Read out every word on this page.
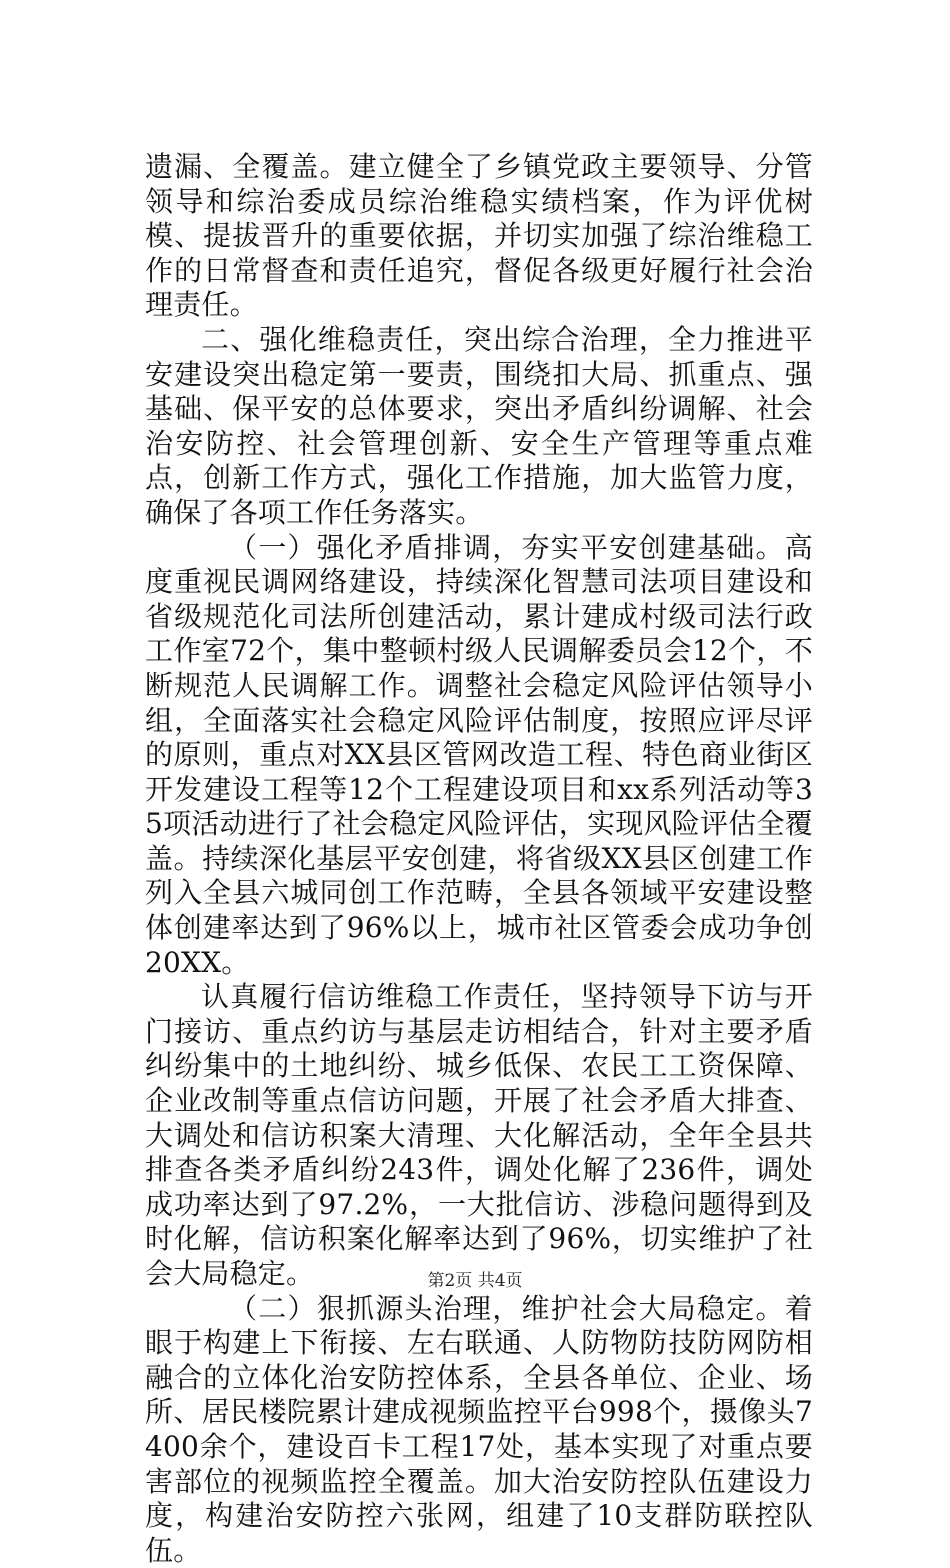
遗漏、全覆盖。建立健全了乡镇党政主要领导、分管领导和综治委成员综治维稳实绩档案，作为评优树模、提拔晋升的重要依据，并切实加强了综治维稳工作的日常督查和责任追究，督促各级更好履行社会治理责任。

二、强化维稳责任，突出综合治理，全力推进平安建设突出稳定第一要责，围绕扣大局、抓重点、强基础、保平安的总体要求，突出矛盾纠纷调解、社会治安防控、社会管理创新、安全生产管理等重点难点，创新工作方式，强化工作措施，加大监管力度，确保了各项工作任务落实。

（一）强化矛盾排调，夯实平安创建基础。高度重视民调网络建设，持续深化智慧司法项目建设和省级规范化司法所创建活动，累计建成村级司法行政工作室72个，集中整顿村级人民调解委员会12个，不断规范人民调解工作。调整社会稳定风险评估领导小组，全面落实社会稳定风险评估制度，按照应评尽评的原则，重点对XX县区管网改造工程、特色商业街区开发建设工程等12个工程建设项目和xx系列活动等35项活动进行了社会稳定风险评估，实现风险评估全覆盖。持续深化基层平安创建，将省级XX县区创建工作列入全县六城同创工作范畴，全县各领域平安建设整体创建率达到了96%以上，城市社区管委会成功争创20XX。

认真履行信访维稳工作责任，坚持领导下访与开门接访、重点约访与基层走访相结合，针对主要矛盾纠纷集中的土地纠纷、城乡低保、农民工工资保障、企业改制等重点信访问题，开展了社会矛盾大排查、大调处和信访积案大清理、大化解活动，全年全县共排查各类矛盾纠纷243件，调处化解了236件，调处成功率达到了97.2%，一大批信访、涉稳问题得到及时化解，信访积案化解率达到了96%，切实维护了社会大局稳定。

（二）狠抓源头治理，维护社会大局稳定。着眼于构建上下衔接、左右联通、人防物防技防网防相融合的立体化治安防控体系，全县各单位、企业、场所、居民楼院累计建成视频监控平台998个，摄像头7400余个，建设百卡工程17处，基本实现了对重点要害部位的视频监控全覆盖。加大治安防控队伍建设力度，构建治安防控六张网，组建了10支群防联控队伍。

第2页 共4页
